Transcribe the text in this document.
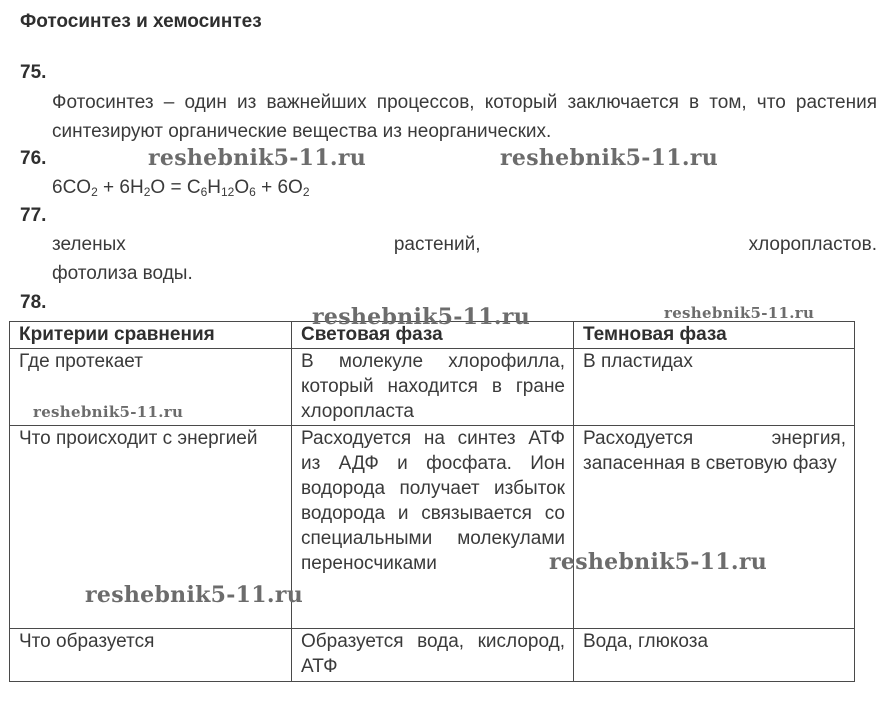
Фотосинтез и хемосинтез
75.
Фотосинтез – один из важнейших процессов, который заключается в том, что растения синтезируют органические вещества из неорганических.
76.
$6CO_2 + 6H_2O = C_6H_{12}O_6 + 6O_2$
77.
зеленых	растений,	хлоропластов.
фотолиза воды.
78.
Критерии сравнения	Световая фаза	Темновая фаза
Где протекает	В молекуле хлорофилла, который находится в гране хлоропласта	В пластидах
Что происходит с энергией	Расходуется на синтез АТФ из АДФ и фосфата. Ион водорода получает избыток водорода и связывается со специальными молекулами переносчиками	Расходуется энергия, запасенная в световую фазу
Что образуется	Образуется вода, кислород, АТФ	Вода, глюкоза
reshebnik5-11.ru	reshebnik5-11.ru
reshebnik5-11.ru	reshebnik5-11.ru
reshebnik5-11.ru
reshebnik5-11.ru
reshebnik5-11.ru
